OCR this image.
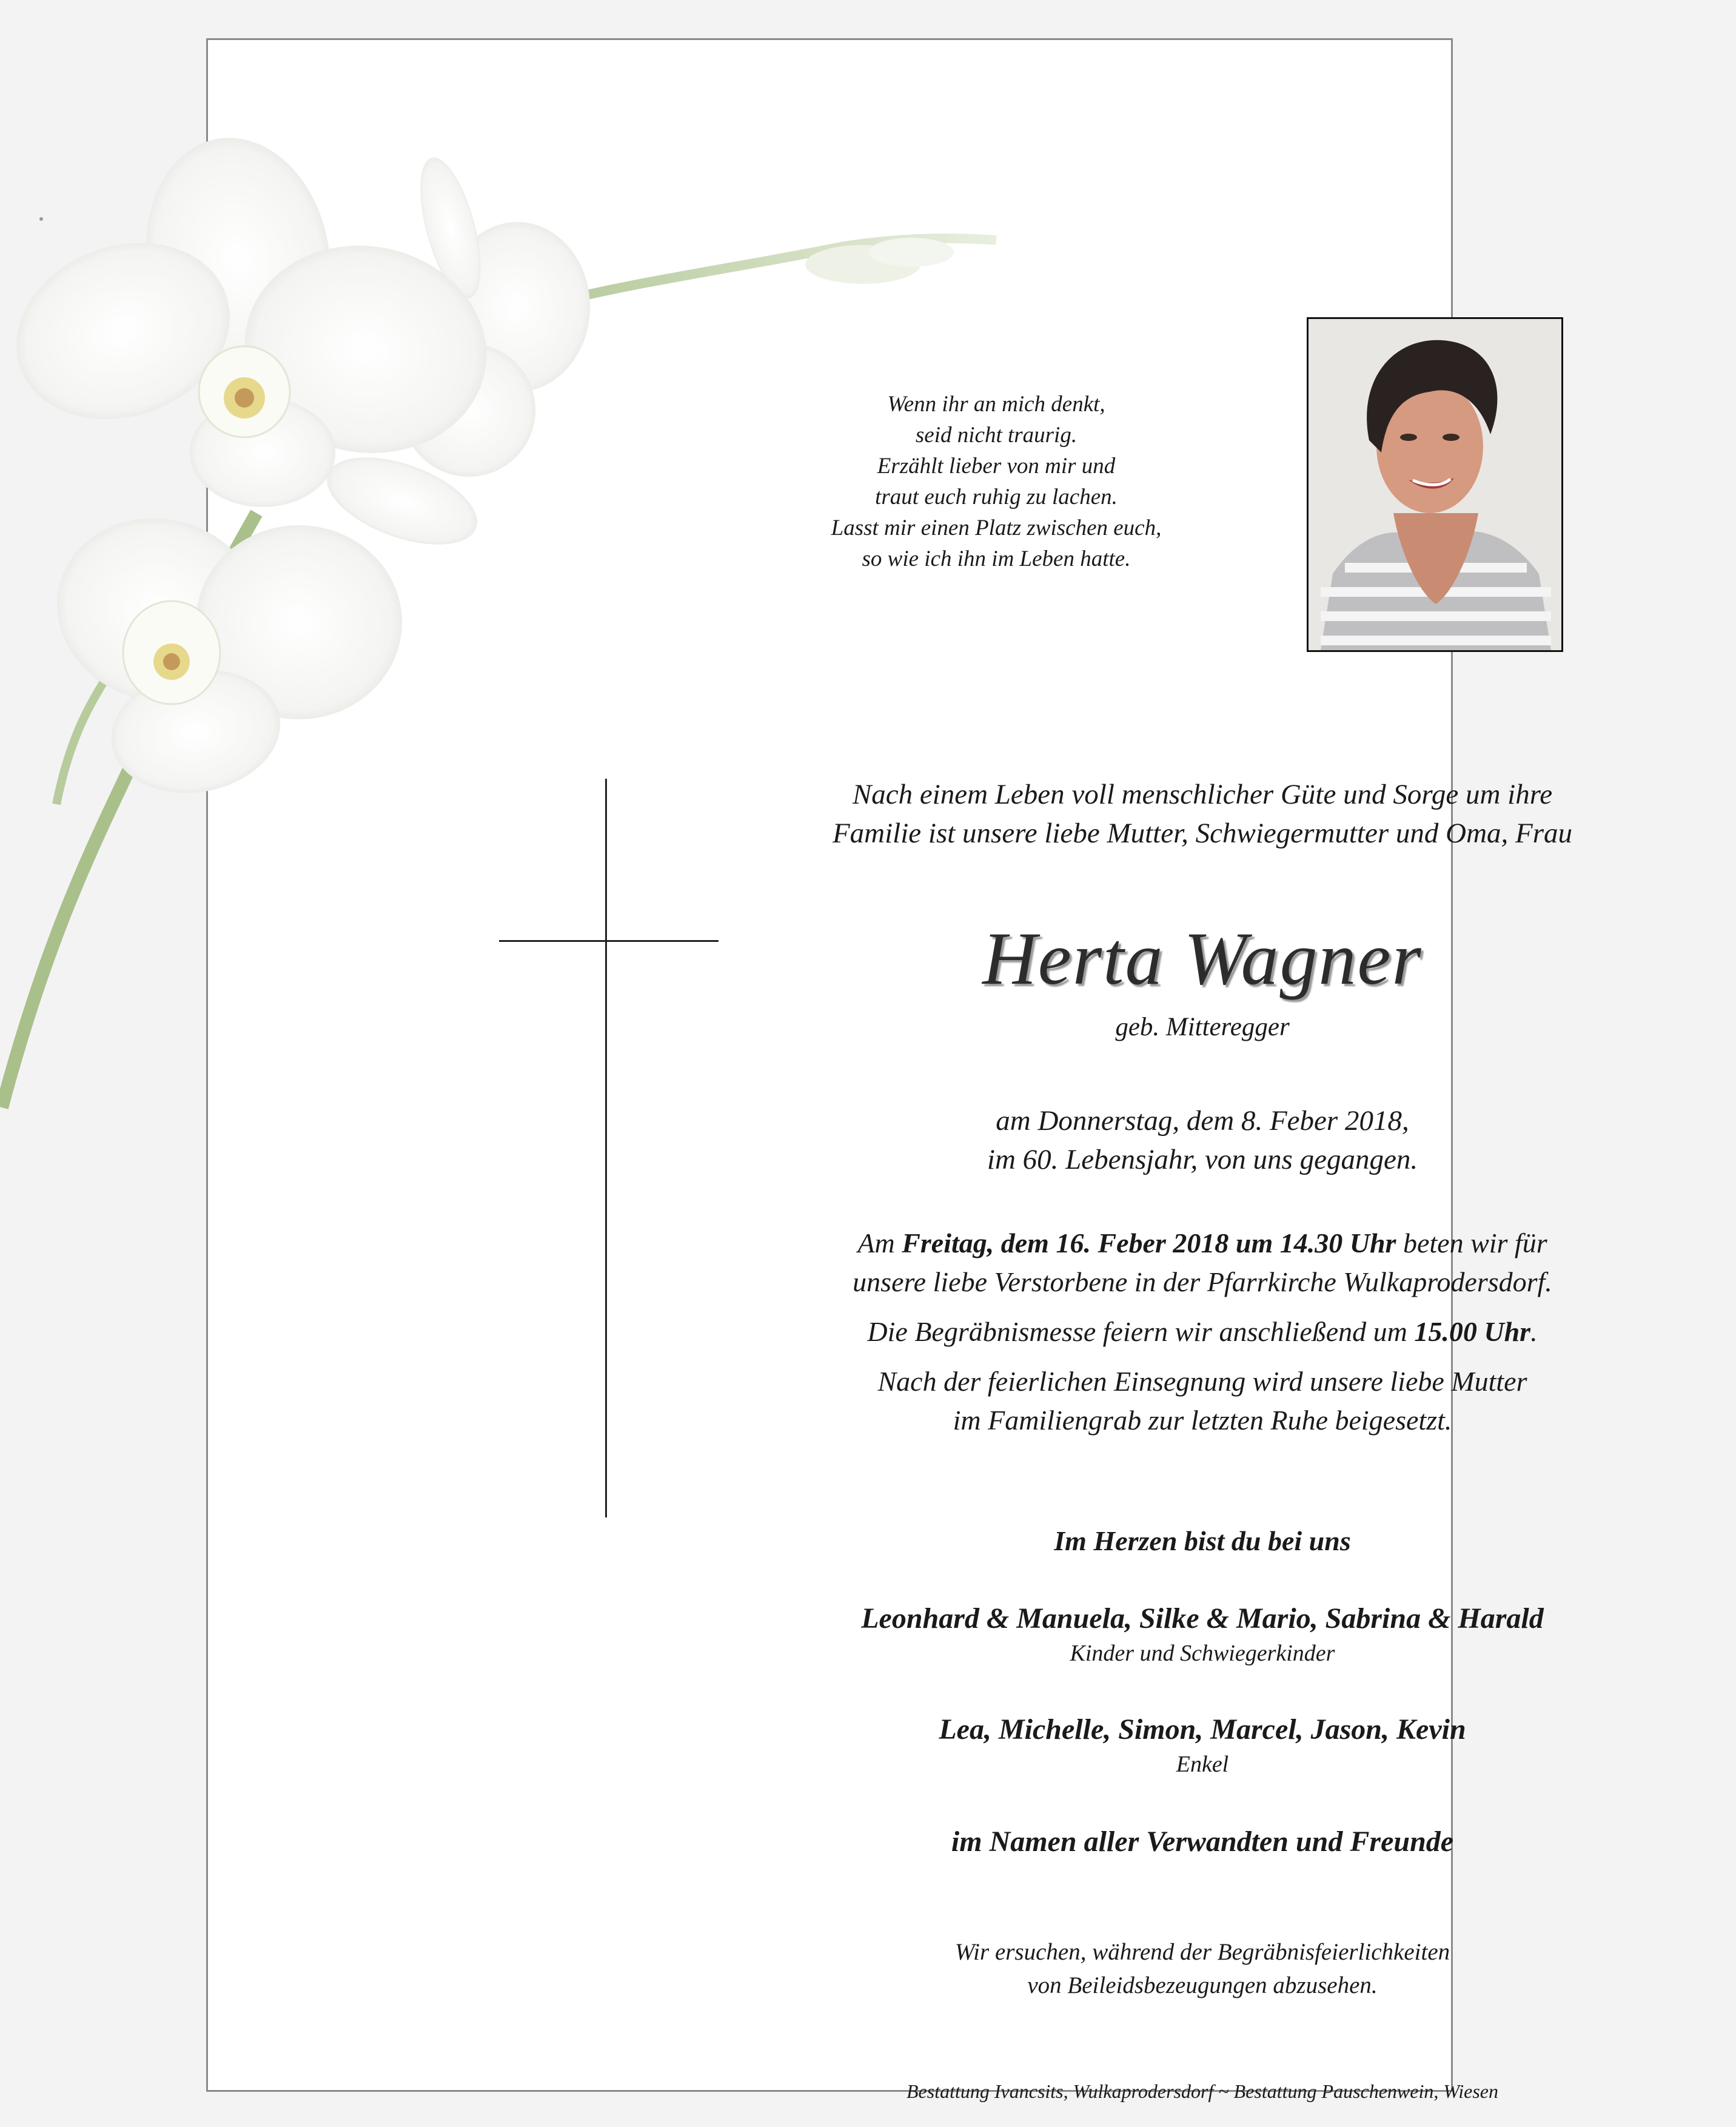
Wenn ihr an mich denkt,
seid nicht traurig.
Erzählt lieber von mir und
traut euch ruhig zu lachen.
Lasst mir einen Platz zwischen euch,
so wie ich ihn im Leben hatte.
Nach einem Leben voll menschlicher Güte und Sorge um ihre
Familie ist unsere liebe Mutter, Schwiegermutter und Oma, Frau
Herta Wagner
geb. Mitteregger
am Donnerstag, dem 8. Feber 2018,
im 60. Lebensjahr, von uns gegangen.
Am Freitag, dem 16. Feber 2018 um 14.30 Uhr beten wir für
unsere liebe Verstorbene in der Pfarrkirche Wulkaprodersdorf.
Die Begräbnismesse feiern wir anschließend um 15.00 Uhr.
Nach der feierlichen Einsegnung wird unsere liebe Mutter
im Familiengrab zur letzten Ruhe beigesetzt.
Im Herzen bist du bei uns
Leonhard & Manuela, Silke & Mario, Sabrina & Harald
Kinder und Schwiegerkinder
Lea, Michelle, Simon, Marcel, Jason, Kevin
Enkel
im Namen aller Verwandten und Freunde
Wir ersuchen, während der Begräbnisfeierlichkeiten
von Beileidsbezeugungen abzusehen.
Bestattung Ivancsits, Wulkaprodersdorf ~ Bestattung Pauschenwein, Wiesen
